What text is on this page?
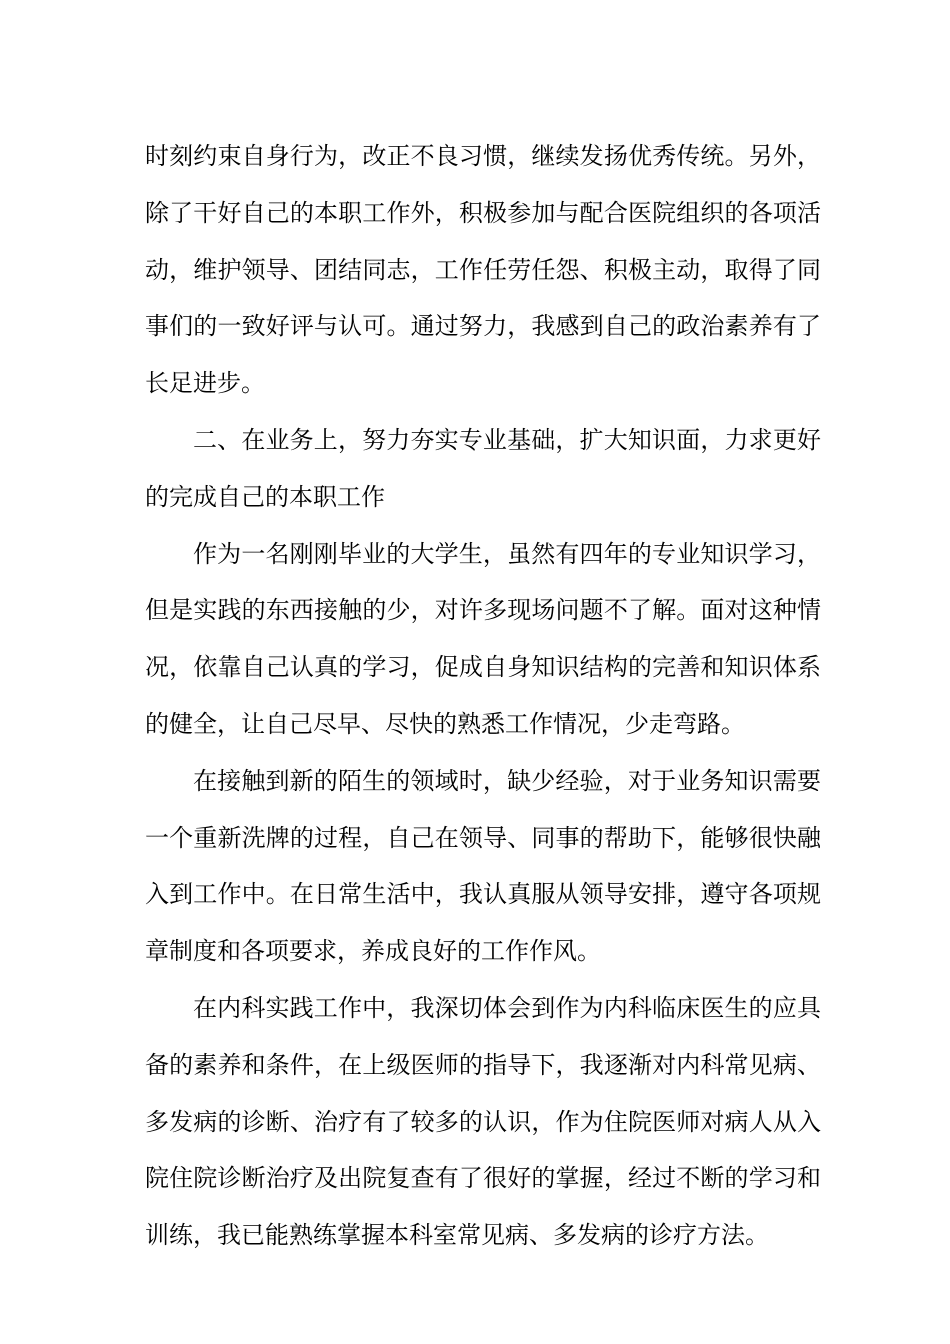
时刻约束自身行为，改正不良习惯，继续发扬优秀传统。另外，除了干好自己的本职工作外，积极参加与配合医院组织的各项活动，维护领导、团结同志，工作任劳任怨、积极主动，取得了同事们的一致好评与认可。通过努力，我感到自己的政治素养有了长足进步。

二、在业务上，努力夯实专业基础，扩大知识面，力求更好的完成自己的本职工作

作为一名刚刚毕业的大学生，虽然有四年的专业知识学习，但是实践的东西接触的少，对许多现场问题不了解。面对这种情况，依靠自己认真的学习，促成自身知识结构的完善和知识体系的健全，让自己尽早、尽快的熟悉工作情况，少走弯路。

在接触到新的陌生的领域时，缺少经验，对于业务知识需要一个重新洗牌的过程，自己在领导、同事的帮助下，能够很快融入到工作中。在日常生活中，我认真服从领导安排，遵守各项规章制度和各项要求，养成良好的工作作风。

在内科实践工作中，我深切体会到作为内科临床医生的应具备的素养和条件，在上级医师的指导下，我逐渐对内科常见病、多发病的诊断、治疗有了较多的认识，作为住院医师对病人从入院住院诊断治疗及出院复查有了很好的掌握，经过不断的学习和训练，我已能熟练掌握本科室常见病、多发病的诊疗方法。
